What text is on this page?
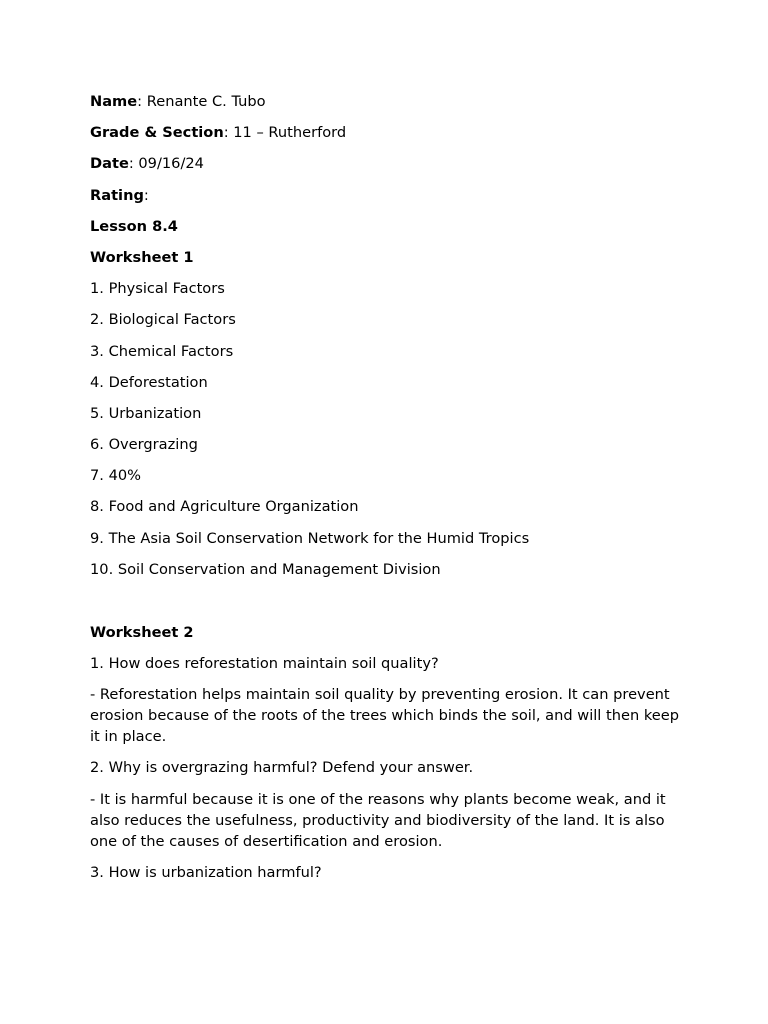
Name: Renante C. Tubo
Grade & Section: 11 – Rutherford
Date: 09/16/24
Rating:
Lesson 8.4
Worksheet 1
1. Physical Factors
2. Biological Factors
3. Chemical Factors
4. Deforestation
5. Urbanization
6. Overgrazing
7. 40%
8. Food and Agriculture Organization
9. The Asia Soil Conservation Network for the Humid Tropics
10. Soil Conservation and Management Division
Worksheet 2
1. How does reforestation maintain soil quality?
- Reforestation helps maintain soil quality by preventing erosion. It can prevent erosion because of the roots of the trees which binds the soil, and will then keep it in place.
2. Why is overgrazing harmful? Defend your answer.
- It is harmful because it is one of the reasons why plants become weak, and it also reduces the usefulness, productivity and biodiversity of the land. It is also one of the causes of desertification and erosion.
3. How is urbanization harmful?
